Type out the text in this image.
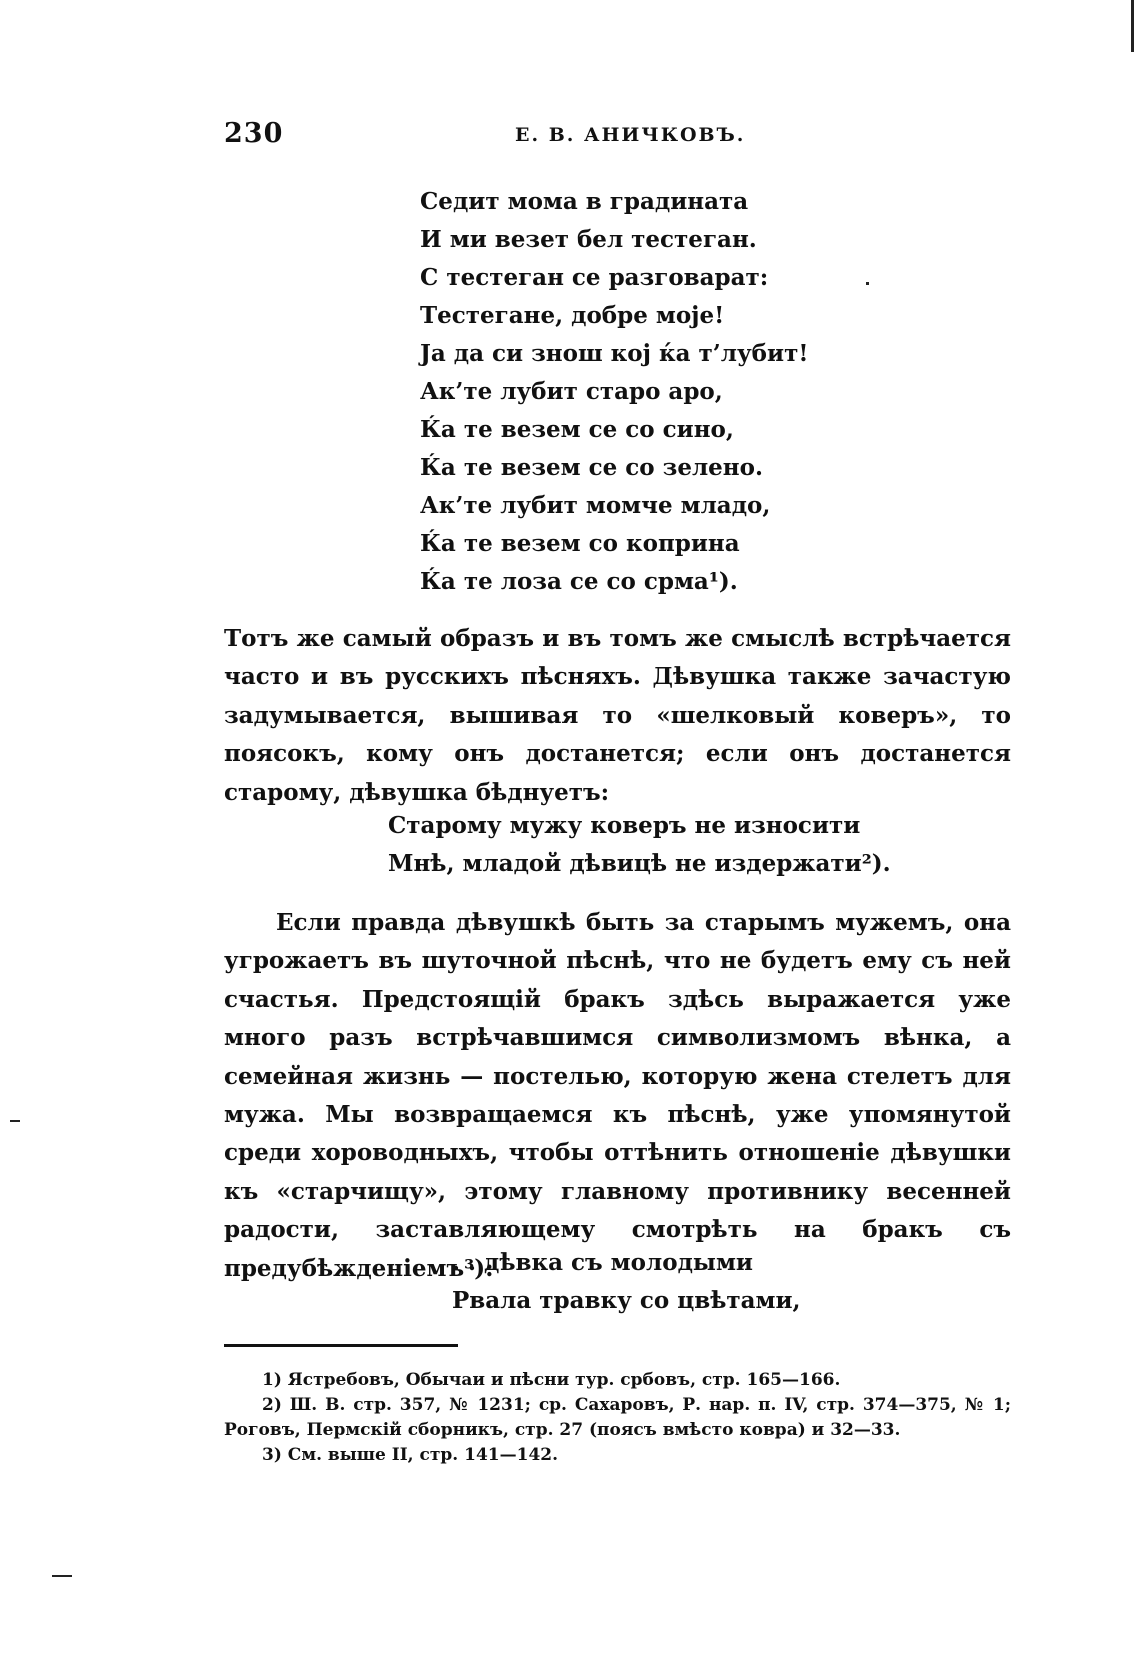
230	Е. В. АНИЧКОВЪ.
Седит мома в градината
И ми везет бел тестеган.
С тестеган се разговарат:
Тестегане, добре моје!
Ја да си знош кој ќа т’лубит!
Ак’те лубит старо аро,
Ќа те везем се со сино,
Ќа те везем се со зелено.
Ак’те лубит момче младо,
Ќа те везем со коприна
Ќа те лоза се со срма¹).
Тотъ же самый образъ и въ томъ же смыслѣ встрѣчается часто и въ русскихъ пѣсняхъ. Дѣвушка также зачастую задумывается, вышивая то «шелковый коверъ», то поясокъ, кому онъ достанется; если онъ достанется старому, дѣвушка бѣднуетъ:
Старому мужу коверъ не износити
Мнѣ, младой дѣвицѣ не издержати²).
Если правда дѣвушкѣ быть за старымъ мужемъ, она угрожаетъ въ шуточной пѣснѣ, что не будетъ ему съ ней счастья. Предстоящій бракъ здѣсь выражается уже много разъ встрѣчавшимся символизмомъ вѣнка, а семейная жизнь — постелью, которую жена стелетъ для мужа. Мы возвращаемся къ пѣснѣ, уже упомянутой среди хороводныхъ, чтобы оттѣнить отношеніе дѣвушки къ «старчищу», этому главному противнику весенней радости, заставляющему смотрѣть на бракъ съ предубѣжденіемъ³):
. . дѣвка съ молодыми
Рвала травку со цвѣтами,
1) Ястребовъ, Обычаи и пѣсни тур. србовъ, стр. 165—166.
2) Ш. В. стр. 357, № 1231; ср. Сахаровъ, Р. нар. п. IV, стр. 374—375, № 1; Роговъ, Пермскій сборникъ, стр. 27 (поясъ вмѣсто ковра) и 32—33.
3) См. выше II, стр. 141—142.
